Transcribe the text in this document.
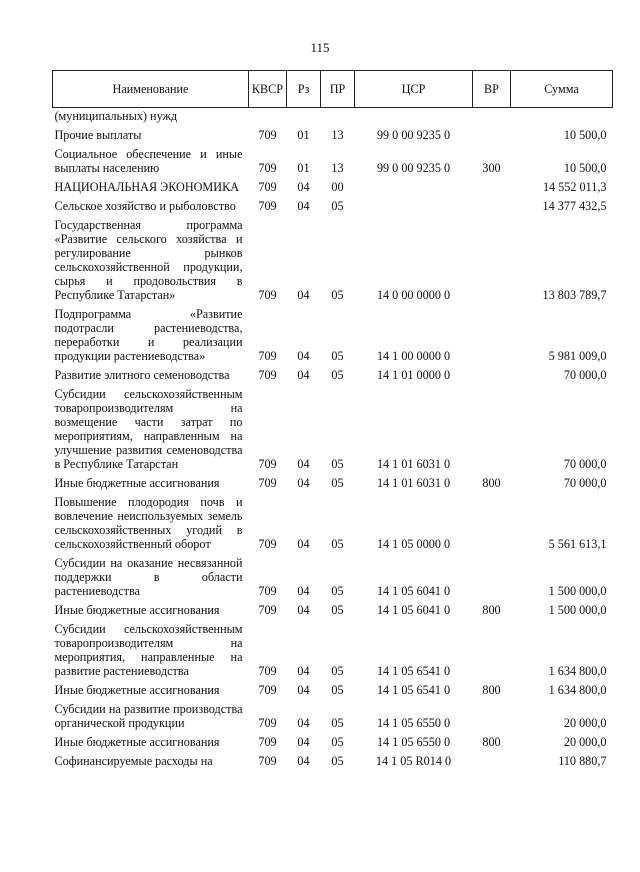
115
Наименование	КВСР	Рз	ПР	ЦСР	ВР	Сумма
(муниципальных) нужд						
Прочие выплаты	709	01	13	99 0 00 9235 0		10 500,0
Социальное обеспечение и иные выплаты населению	709	01	13	99 0 00 9235 0	300	10 500,0
НАЦИОНАЛЬНАЯ ЭКОНОМИКА	709	04	00			14 552 011,3
Сельское хозяйство и рыболовство	709	04	05			14 377 432,5
Государственная программа «Развитие сельского хозяйства и регулирование рынков сельскохозяйственной продукции, сырья и продовольствия в Республике Татарстан»	709	04	05	14 0 00 0000 0		13 803 789,7
Подпрограмма «Развитие подотрасли растениеводства, переработки и реализации продукции растениеводства»	709	04	05	14 1 00 0000 0		5 981 009,0
Развитие элитного семеноводства	709	04	05	14 1 01 0000 0		70 000,0
Субсидии сельскохозяйственным товаропроизводителям на возмещение части затрат по мероприятиям, направленным на улучшение развития семеноводства в Республике Татарстан	709	04	05	14 1 01 6031 0		70 000,0
Иные бюджетные ассигнования	709	04	05	14 1 01 6031 0	800	70 000,0
Повышение плодородия почв и вовлечение неиспользуемых земель сельскохозяйственных угодий в сельскохозяйственный оборот	709	04	05	14 1 05 0000 0		5 561 613,1
Субсидии на оказание несвязанной поддержки в области растениеводства	709	04	05	14 1 05 6041 0		1 500 000,0
Иные бюджетные ассигнования	709	04	05	14 1 05 6041 0	800	1 500 000,0
Субсидии сельскохозяйственным товаропроизводителям на мероприятия, направленные на развитие растениеводства	709	04	05	14 1 05 6541 0		1 634 800,0
Иные бюджетные ассигнования	709	04	05	14 1 05 6541 0	800	1 634 800,0
Субсидии на развитие производства органической продукции	709	04	05	14 1 05 6550 0		20 000,0
Иные бюджетные ассигнования	709	04	05	14 1 05 6550 0	800	20 000,0
Софинансируемые расходы на	709	04	05	14 1 05 R014 0		110 880,7
